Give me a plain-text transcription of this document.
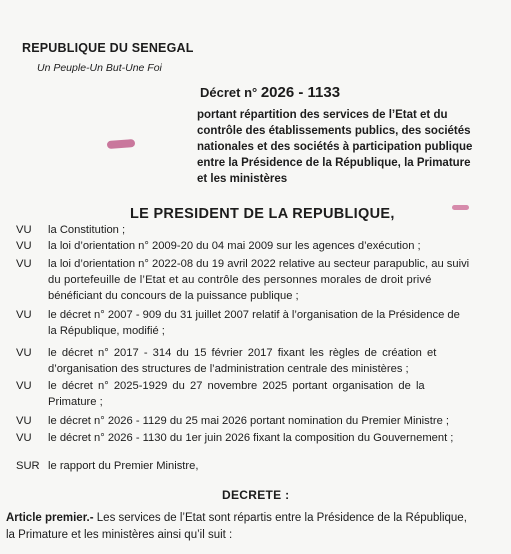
REPUBLIQUE DU SENEGAL
Un Peuple-Un But-Une Foi
Décret n° 2026 - 1133
portant répartition des services de l’Etat et du
contrôle des établissements publics, des sociétés
nationales et des sociétés à participation publique
entre la Présidence de la République, la Primature
et les ministères
LE PRESIDENT DE LA REPUBLIQUE,
VU	la Constitution ;
VU	la loi d’orientation n° 2009-20 du 04 mai 2009 sur les agences d’exécution ;
VU	la loi d’orientation n° 2022-08 du 19 avril 2022 relative au secteur parapublic, au suivi
du portefeuille de l’Etat et au contrôle des personnes morales de droit privé
bénéficiant du concours de la puissance publique ;
VU	le décret n° 2007 - 909 du 31 juillet 2007 relatif à l’organisation de la Présidence de
la République, modifié ;
VU	le décret n° 2017 - 314 du 15 février 2017 fixant les règles de création et
d’organisation des structures de l’administration centrale des ministères ;
VU	le décret n° 2025-1929 du 27 novembre 2025 portant organisation de la
Primature ;
VU	le décret n° 2026 - 1129 du 25 mai 2026 portant nomination du Premier Ministre ;
VU	le décret n° 2026 - 1130 du 1er juin 2026 fixant la composition du Gouvernement ;
SUR le rapport du Premier Ministre,
DECRETE :
Article premier.- Les services de l’Etat sont répartis entre la Présidence de la République,
la Primature et les ministères ainsi qu’il suit :
